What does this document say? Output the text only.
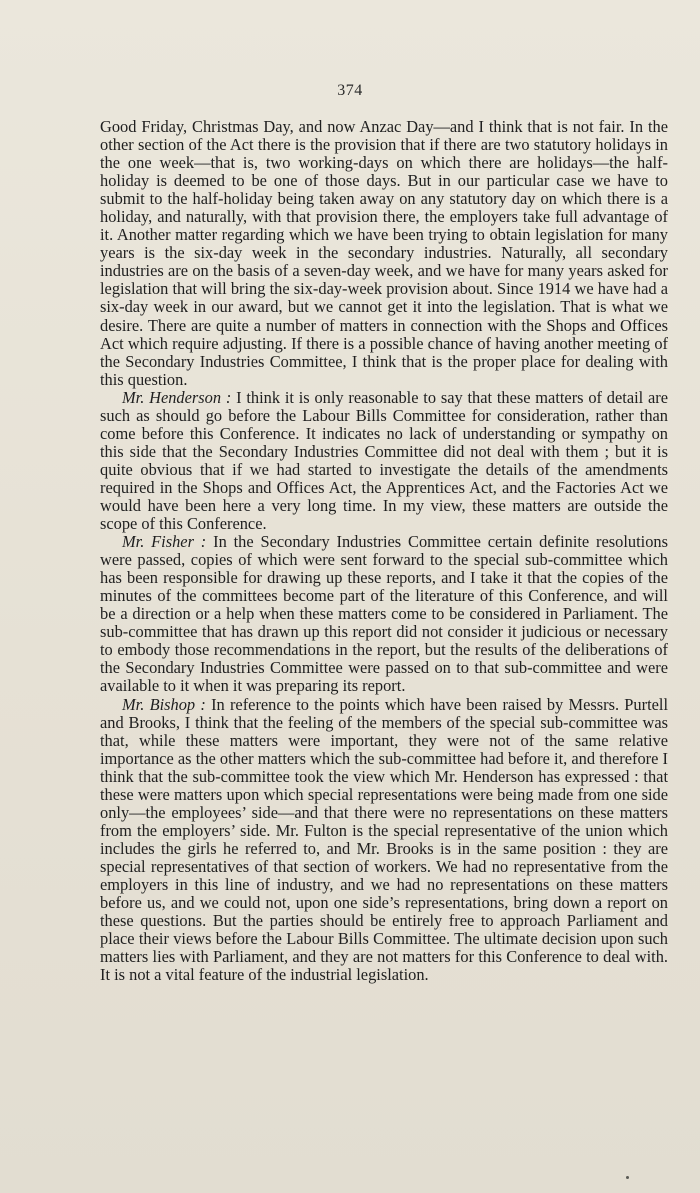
374

Good Friday, Christmas Day, and now Anzac Day—and I think that is not fair. In the other section of the Act there is the provision that if there are two statutory holidays in the one week—that is, two working-days on which there are holidays—the half-holiday is deemed to be one of those days. But in our particular case we have to submit to the half-holiday being taken away on any statutory day on which there is a holiday, and naturally, with that provision there, the employers take full advantage of it. Another matter regarding which we have been trying to obtain legislation for many years is the six-day week in the secondary industries. Naturally, all secondary industries are on the basis of a seven-day week, and we have for many years asked for legislation that will bring the six-day-week provision about. Since 1914 we have had a six-day week in our award, but we cannot get it into the legislation. That is what we desire. There are quite a number of matters in connection with the Shops and Offices Act which require adjusting. If there is a possible chance of having another meeting of the Secondary Industries Committee, I think that is the proper place for dealing with this question.

Mr. Henderson : I think it is only reasonable to say that these matters of detail are such as should go before the Labour Bills Committee for consideration, rather than come before this Conference. It indicates no lack of understanding or sympathy on this side that the Secondary Industries Committee did not deal with them ; but it is quite obvious that if we had started to investigate the details of the amendments required in the Shops and Offices Act, the Apprentices Act, and the Factories Act we would have been here a very long time. In my view, these matters are outside the scope of this Conference.

Mr. Fisher : In the Secondary Industries Committee certain definite resolutions were passed, copies of which were sent forward to the special sub-committee which has been responsible for drawing up these reports, and I take it that the copies of the minutes of the committees become part of the literature of this Conference, and will be a direction or a help when these matters come to be considered in Parliament. The sub-committee that has drawn up this report did not consider it judicious or necessary to embody those recommendations in the report, but the results of the deliberations of the Secondary Industries Committee were passed on to that sub-committee and were available to it when it was preparing its report.

Mr. Bishop : In reference to the points which have been raised by Messrs. Purtell and Brooks, I think that the feeling of the members of the special sub-committee was that, while these matters were important, they were not of the same relative importance as the other matters which the sub-committee had before it, and therefore I think that the sub-committee took the view which Mr. Henderson has expressed : that these were matters upon which special representations were being made from one side only—the employees’ side—and that there were no representations on these matters from the employers’ side. Mr. Fulton is the special representative of the union which includes the girls he referred to, and Mr. Brooks is in the same position : they are special representatives of that section of workers. We had no representative from the employers in this line of industry, and we had no representations on these matters before us, and we could not, upon one side’s representations, bring down a report on these questions. But the parties should be entirely free to approach Parliament and place their views before the Labour Bills Committee. The ultimate decision upon such matters lies with Parliament, and they are not matters for this Conference to deal with. It is not a vital feature of the industrial legislation.
